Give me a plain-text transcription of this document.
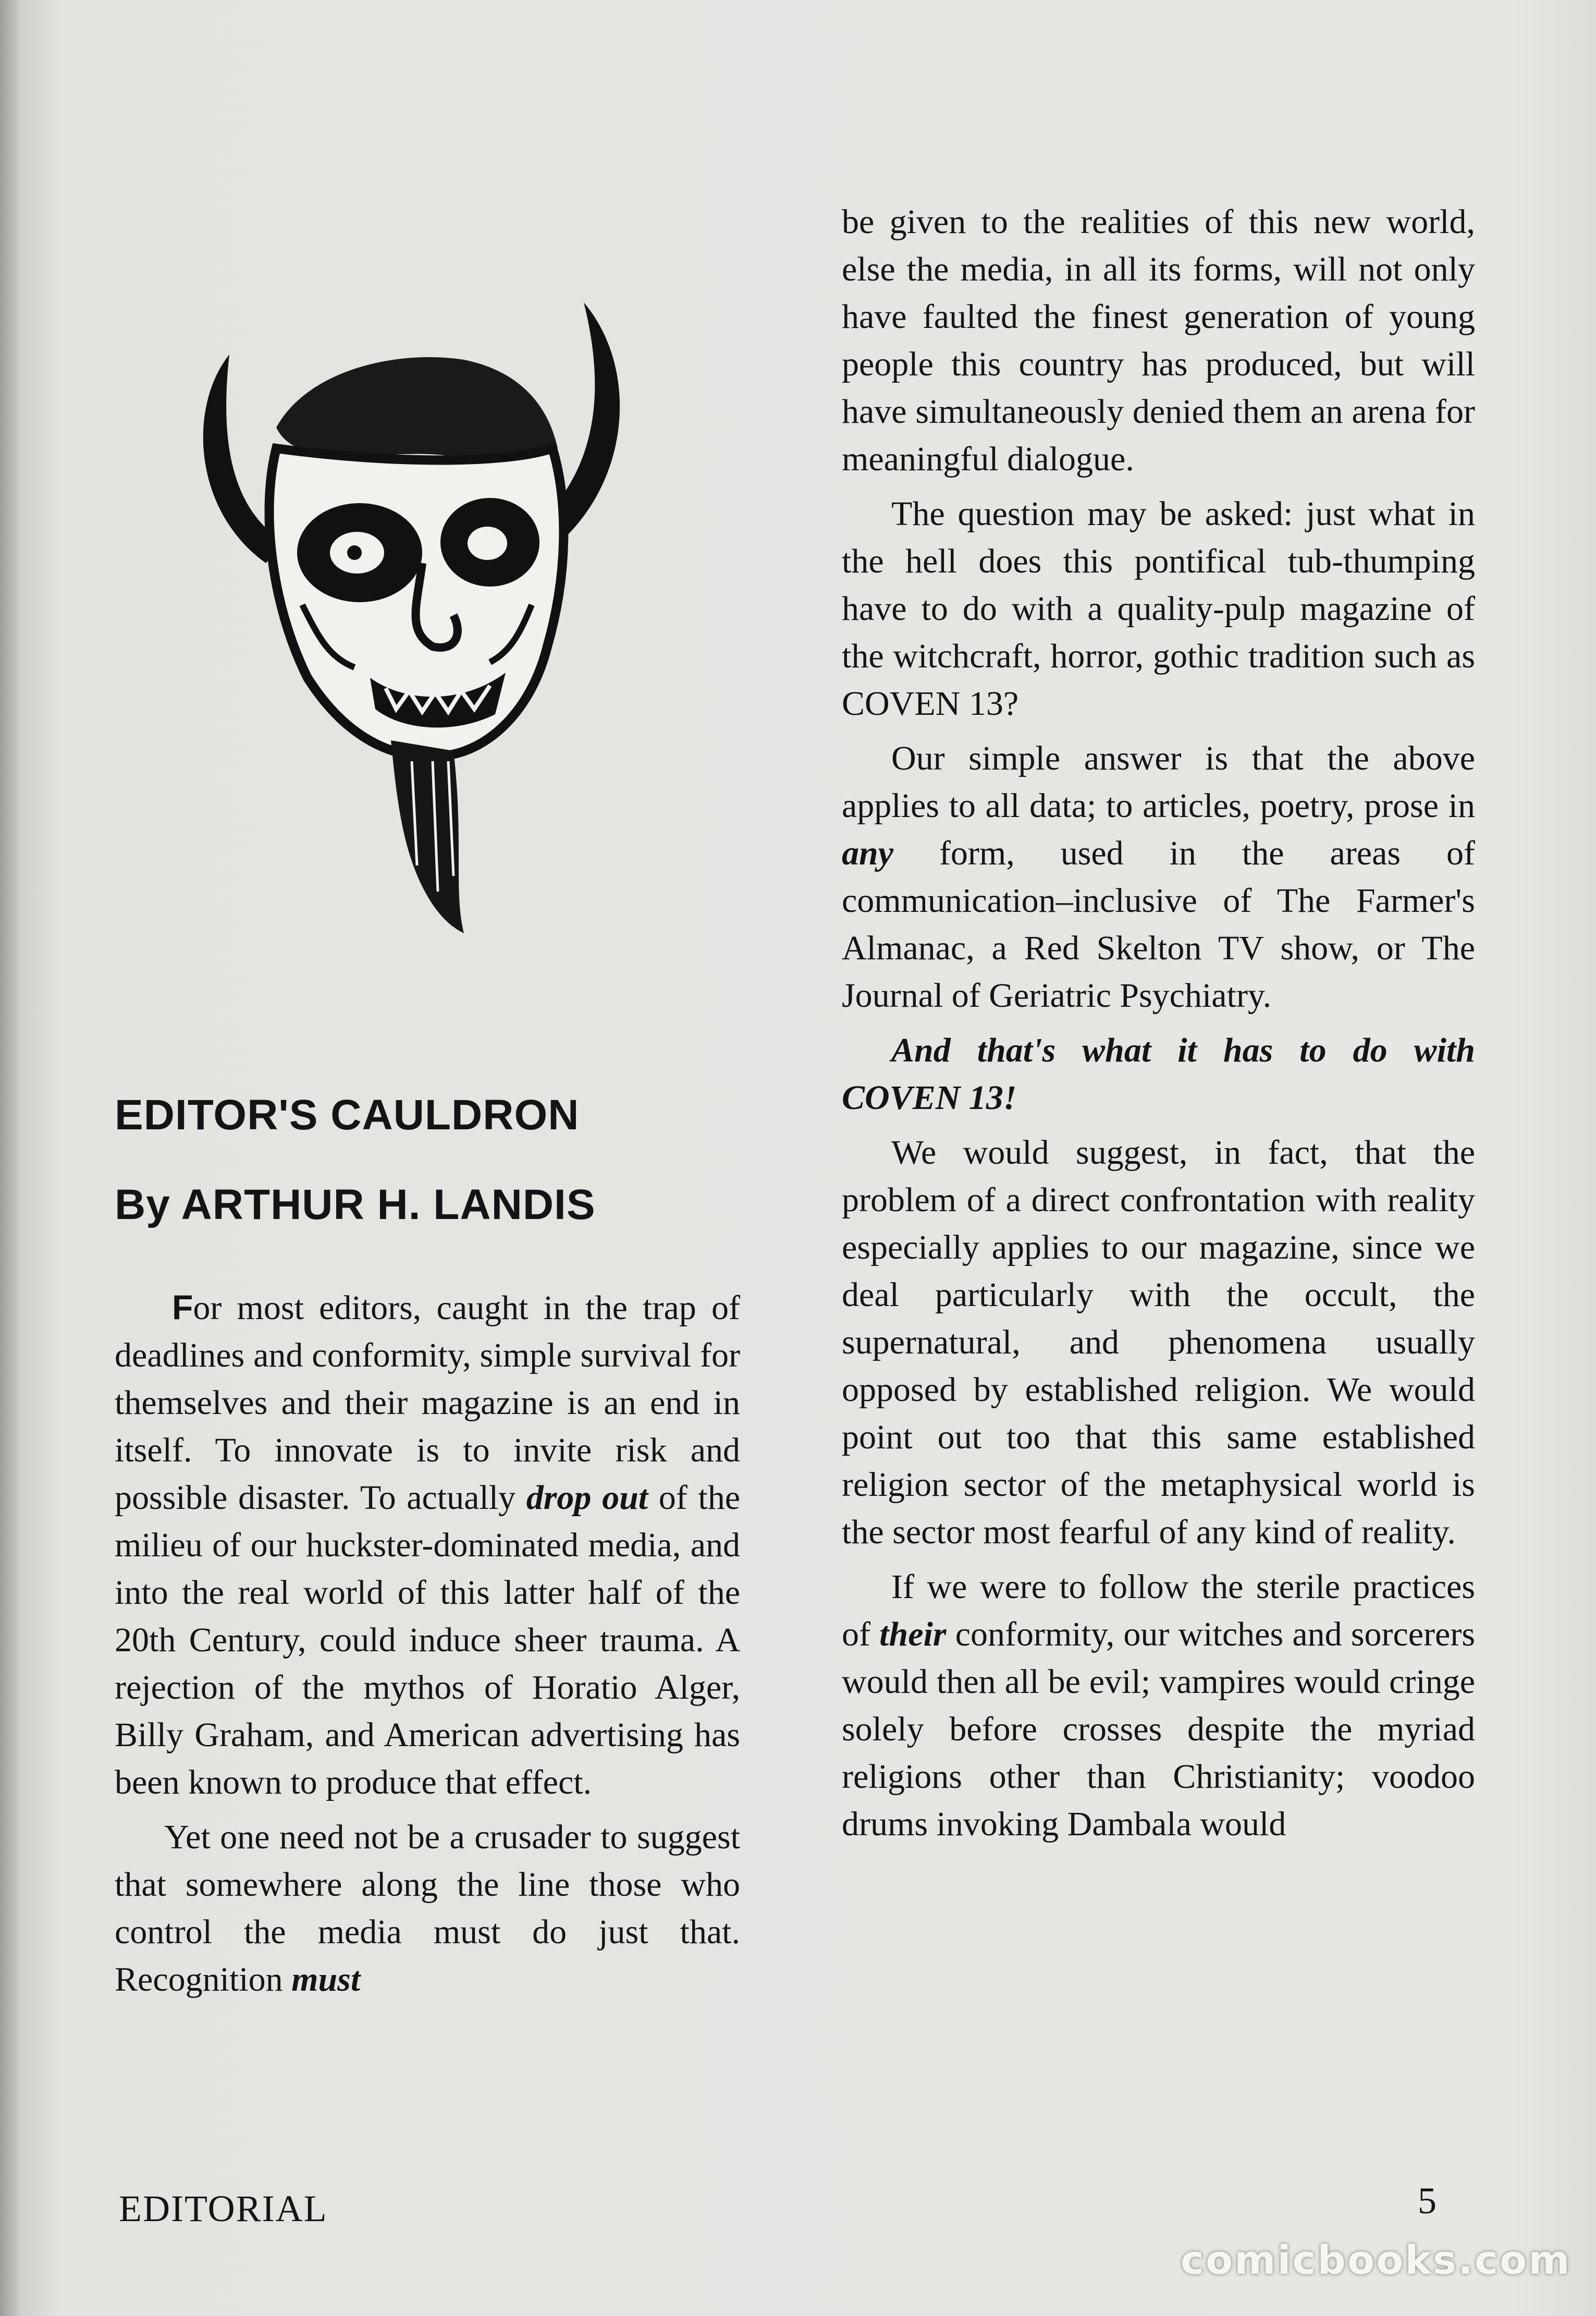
EDITOR'S CAULDRON
By ARTHUR H. LANDIS

For most editors, caught in the trap of deadlines and conformity, simple survival for themselves and their magazine is an end in itself. To innovate is to invite risk and possible disaster. To actually drop out of the milieu of our huckster-dominated media, and into the real world of this latter half of the 20th Century, could induce sheer trauma. A rejection of the mythos of Horatio Alger, Billy Graham, and American advertising has been known to produce that effect.

Yet one need not be a crusader to suggest that somewhere along the line those who control the media must do just that. Recognition must

be given to the realities of this new world, else the media, in all its forms, will not only have faulted the finest generation of young people this country has produced, but will have simultaneously denied them an arena for meaningful dialogue.

The question may be asked: just what in the hell does this pontifical tub-thumping have to do with a quality-pulp magazine of the witchcraft, horror, gothic tradition such as COVEN 13?

Our simple answer is that the above applies to all data; to articles, poetry, prose in any form, used in the areas of communication–inclusive of The Farmer's Almanac, a Red Skelton TV show, or The Journal of Geriatric Psychiatry.

And that's what it has to do with COVEN 13!

We would suggest, in fact, that the problem of a direct confrontation with reality especially applies to our magazine, since we deal particularly with the occult, the supernatural, and phenomena usually opposed by established religion. We would point out too that this same established religion sector of the metaphysical world is the sector most fearful of any kind of reality.

If we were to follow the sterile practices of their conformity, our witches and sorcerers would then all be evil; vampires would cringe solely before crosses despite the myriad religions other than Christianity; voodoo drums invoking Dambala would

EDITORIAL	5
comicbooks.com
